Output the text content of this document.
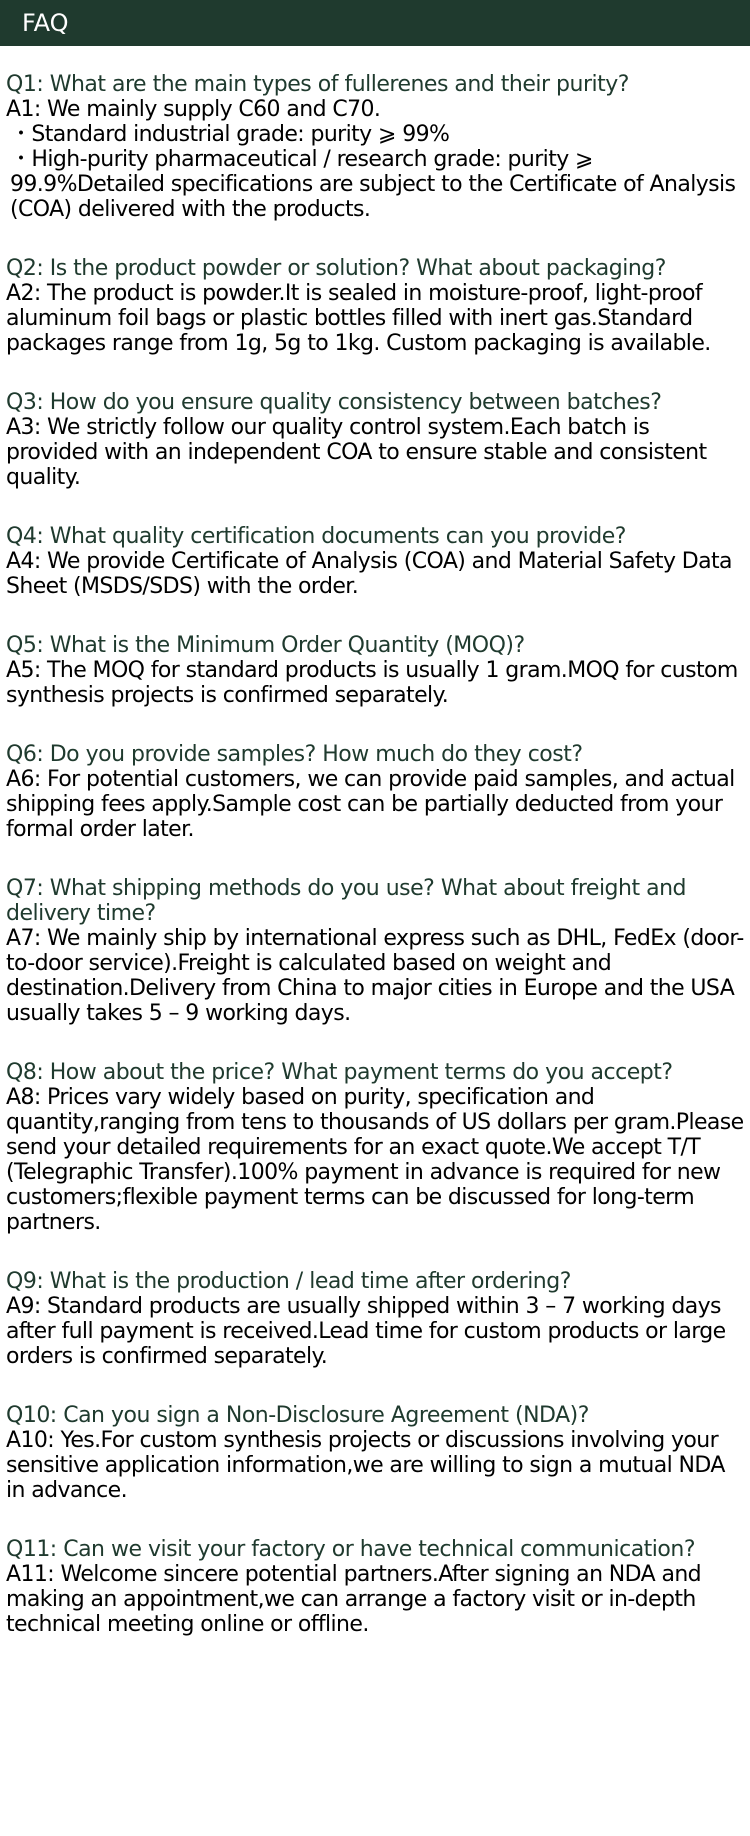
FAQ
Q1: What are the main types of fullerenes and their purity?
A1: We mainly supply C60 and C70.
・Standard industrial grade: purity ⩾ 99%
・High-purity pharmaceutical / research grade: purity ⩾ 99.9%Detailed specifications are subject to the Certificate of Analysis (COA) delivered with the products.
Q2: Is the product powder or solution? What about packaging?
A2: The product is powder.It is sealed in moisture-proof, light-proof aluminum foil bags or plastic bottles filled with inert gas.Standard packages range from 1g, 5g to 1kg. Custom packaging is available.
Q3: How do you ensure quality consistency between batches?
A3: We strictly follow our quality control system.Each batch is provided with an independent COA to ensure stable and consistent quality.
Q4: What quality certification documents can you provide?
A4: We provide Certificate of Analysis (COA) and Material Safety Data Sheet (MSDS/SDS) with the order.
Q5: What is the Minimum Order Quantity (MOQ)?
A5: The MOQ for standard products is usually 1 gram.MOQ for custom synthesis projects is confirmed separately.
Q6: Do you provide samples? How much do they cost?
A6: For potential customers, we can provide paid samples, and actual shipping fees apply.Sample cost can be partially deducted from your formal order later.
Q7: What shipping methods do you use? What about freight and delivery time?
A7: We mainly ship by international express such as DHL, FedEx (door-to-door service).Freight is calculated based on weight and destination.Delivery from China to major cities in Europe and the USA usually takes 5 – 9 working days.
Q8: How about the price? What payment terms do you accept?
A8: Prices vary widely based on purity, specification and quantity,ranging from tens to thousands of US dollars per gram.Please send your detailed requirements for an exact quote.We accept T/T (Telegraphic Transfer).100% payment in advance is required for new customers;flexible payment terms can be discussed for long-term partners.
Q9: What is the production / lead time after ordering?
A9: Standard products are usually shipped within 3 – 7 working days after full payment is received.Lead time for custom products or large orders is confirmed separately.
Q10: Can you sign a Non-Disclosure Agreement (NDA)?
A10: Yes.For custom synthesis projects or discussions involving your sensitive application information,we are willing to sign a mutual NDA in advance.
Q11: Can we visit your factory or have technical communication?
A11: Welcome sincere potential partners.After signing an NDA and making an appointment,we can arrange a factory visit or in-depth technical meeting online or offline.
